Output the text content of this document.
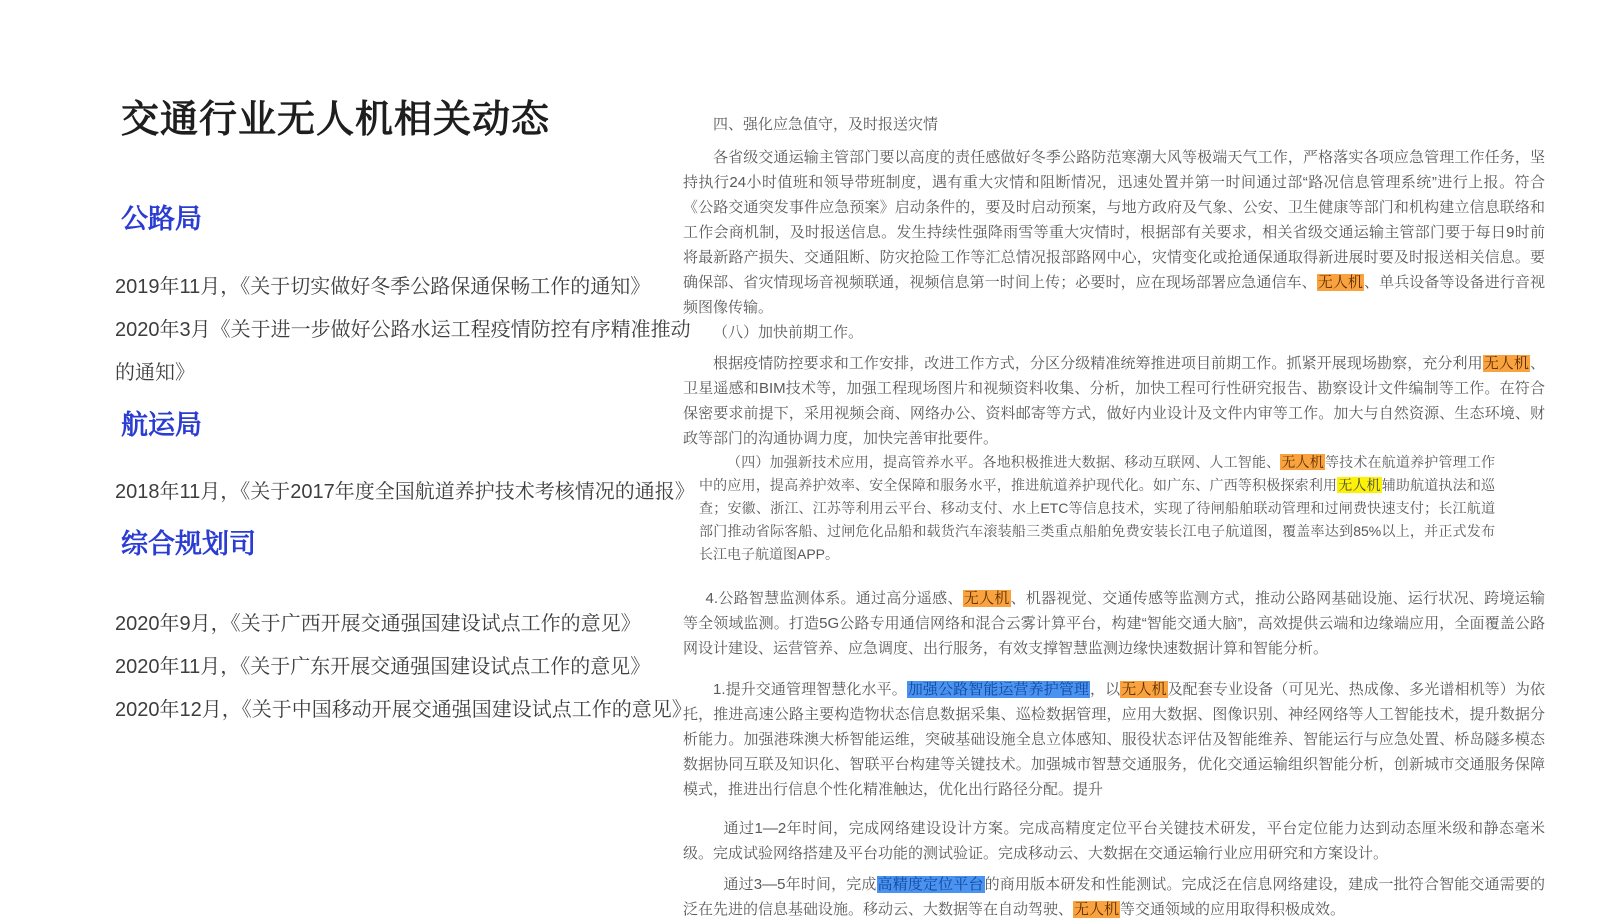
交通行业无人机相关动态
公路局

2019年11月，《关于切实做好冬季公路保通保畅工作的通知》

2020年3月《关于进一步做好公路水运工程疫情防控有序精准推动的通知》

航运局

2018年11月，《关于2017年度全国航道养护技术考核情况的通报》

综合规划司

2020年9月，《关于广西开展交通强国建设试点工作的意见》

2020年11月，《关于广东开展交通强国建设试点工作的意见》

2020年12月，《关于中国移动开展交通强国建设试点工作的意见》

四、强化应急值守，及时报送灾情

各省级交通运输主管部门要以高度的责任感做好冬季公路防范寒潮大风等极端天气工作，严格落实各项应急管理工作任务，坚持执行24小时值班和领导带班制度，遇有重大灾情和阻断情况，迅速处置并第一时间通过部“路况信息管理系统”进行上报。符合《公路交通突发事件应急预案》启动条件的，要及时启动预案，与地方政府及气象、公安、卫生健康等部门和机构建立信息联络和工作会商机制，及时报送信息。发生持续性强降雨雪等重大灾情时，根据部有关要求，相关省级交通运输主管部门要于每日9时前将最新路产损失、交通阻断、防灾抢险工作等汇总情况报部路网中心，灾情变化或抢通保通取得新进展时要及时报送相关信息。要确保部、省灾情现场音视频联通，视频信息第一时间上传；必要时，应在现场部署应急通信车、无人机、单兵设备等设备进行音视频图像传输。

（八）加快前期工作。

根据疫情防控要求和工作安排，改进工作方式，分区分级精准统筹推进项目前期工作。抓紧开展现场勘察，充分利用无人机、卫星遥感和BIM技术等，加强工程现场图片和视频资料收集、分析，加快工程可行性研究报告、勘察设计文件编制等工作。在符合保密要求前提下，采用视频会商、网络办公、资料邮寄等方式，做好内业设计及文件内审等工作。加大与自然资源、生态环境、财政等部门的沟通协调力度，加快完善审批要件。

（四）加强新技术应用，提高管养水平。各地积极推进大数据、移动互联网、人工智能、无人机等技术在航道养护管理工作中的应用，提高养护效率、安全保障和服务水平，推进航道养护现代化。如广东、广西等积极探索利用无人机辅助航道执法和巡查；安徽、浙江、江苏等利用云平台、移动支付、水上ETC等信息技术，实现了待闸船舶联动管理和过闸费快速支付；长江航道部门推动省际客船、过闸危化品船和载货汽车滚装船三类重点船舶免费安装长江电子航道图，覆盖率达到85%以上，并正式发布长江电子航道图APP。

4.公路智慧监测体系。通过高分遥感、无人机、机器视觉、交通传感等监测方式，推动公路网基础设施、运行状况、跨境运输等全领域监测。打造5G公路专用通信网络和混合云雾计算平台，构建“智能交通大脑”，高效提供云端和边缘端应用，全面覆盖公路网设计建设、运营管养、应急调度、出行服务，有效支撑智慧监测边缘快速数据计算和智能分析。

1.提升交通管理智慧化水平。加强公路智能运营养护管理，以无人机及配套专业设备（可见光、热成像、多光谱相机等）为依托，推进高速公路主要构造物状态信息数据采集、巡检数据管理，应用大数据、图像识别、神经网络等人工智能技术，提升数据分析能力。加强港珠澳大桥智能运维，突破基础设施全息立体感知、服役状态评估及智能维养、智能运行与应急处置、桥岛隧多模态数据协同互联及知识化、智联平台构建等关键技术。加强城市智慧交通服务，优化交通运输组织智能分析，创新城市交通服务保障模式，推进出行信息个性化精准触达，优化出行路径分配。提升

通过1—2年时间，完成网络建设设计方案。完成高精度定位平台关键技术研发，平台定位能力达到动态厘米级和静态毫米级。完成试验网络搭建及平台功能的测试验证。完成移动云、大数据在交通运输行业应用研究和方案设计。

通过3—5年时间，完成高精度定位平台的商用版本研发和性能测试。完成泛在信息网络建设，建成一批符合智能交通需要的泛在先进的信息基础设施。移动云、大数据等在自动驾驶、无人机等交通领域的应用取得积极成效。
